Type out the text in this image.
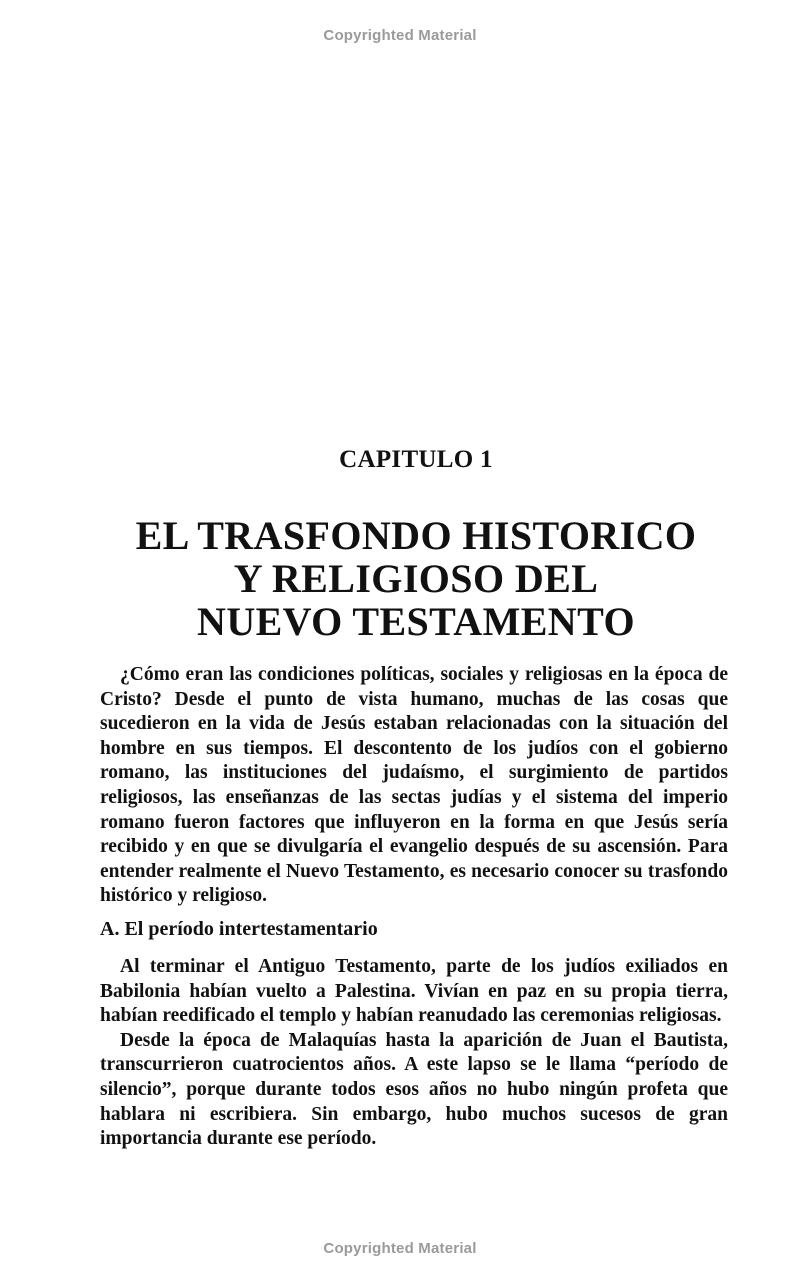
Copyrighted Material
CAPITULO 1
EL TRASFONDO HISTORICO
Y RELIGIOSO DEL
NUEVO TESTAMENTO

¿Cómo eran las condiciones políticas, sociales y religiosas en la época de Cristo? Desde el punto de vista humano, muchas de las cosas que sucedieron en la vida de Jesús estaban relacionadas con la situación del hombre en sus tiempos. El descontento de los judíos con el gobierno romano, las instituciones del judaísmo, el surgimiento de partidos religiosos, las enseñanzas de las sectas judías y el sistema del imperio romano fueron factores que influyeron en la forma en que Jesús sería recibido y en que se divulgaría el evangelio después de su ascensión. Para entender realmente el Nuevo Testamento, es necesario conocer su trasfondo histórico y religioso.

A. El período intertestamentario

Al terminar el Antiguo Testamento, parte de los judíos exiliados en Babilonia habían vuelto a Palestina. Vivían en paz en su propia tierra, habían reedificado el templo y habían reanudado las ceremonias religiosas.

Desde la época de Malaquías hasta la aparición de Juan el Bautista, transcurrieron cuatrocientos años. A este lapso se le llama “período de silencio”, porque durante todos esos años no hubo ningún profeta que hablara ni escribiera. Sin embargo, hubo muchos sucesos de gran importancia durante ese período.

Copyrighted Material
